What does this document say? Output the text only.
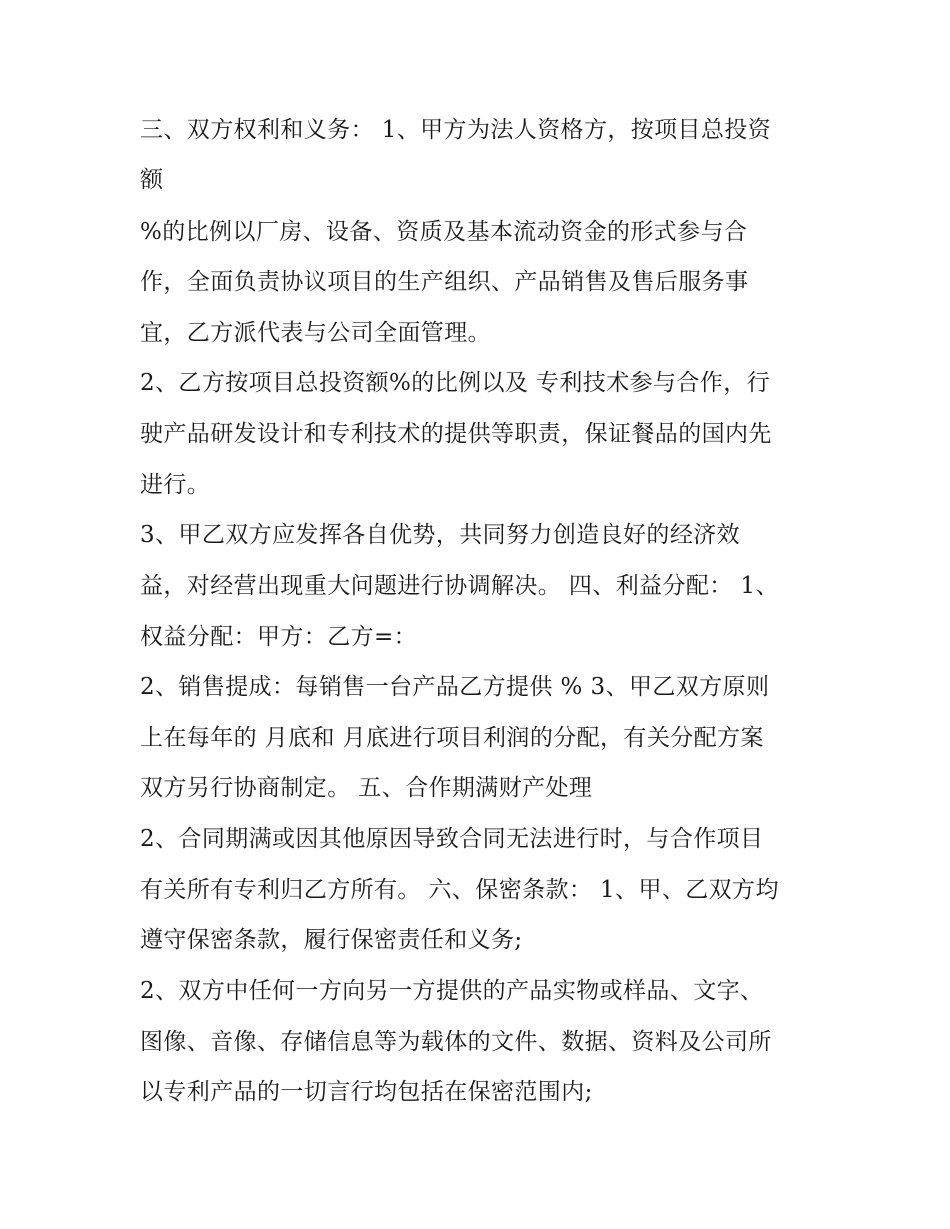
三、双方权利和义务： 1、甲方为法人资格方，按项目总投资
额
%的比例以厂房、设备、资质及基本流动资金的形式参与合
作，全面负责协议项目的生产组织、产品销售及售后服务事
宜，乙方派代表与公司全面管理。
2、乙方按项目总投资额%的比例以及 专利技术参与合作，行
驶产品研发设计和专利技术的提供等职责，保证餐品的国内先
进行。
3、甲乙双方应发挥各自优势，共同努力创造良好的经济效
益，对经营出现重大问题进行协调解决。 四、利益分配： 1、
权益分配：甲方：乙方=：
2、销售提成：每销售一台产品乙方提供 % 3、甲乙双方原则
上在每年的 月底和 月底进行项目利润的分配，有关分配方案
双方另行协商制定。 五、合作期满财产处理
2、合同期满或因其他原因导致合同无法进行时，与合作项目
有关所有专利归乙方所有。 六、保密条款： 1、甲、乙双方均
遵守保密条款，履行保密责任和义务;
2、双方中任何一方向另一方提供的产品实物或样品、文字、
图像、音像、存储信息等为载体的文件、数据、资料及公司所
以专利产品的一切言行均包括在保密范围内;
